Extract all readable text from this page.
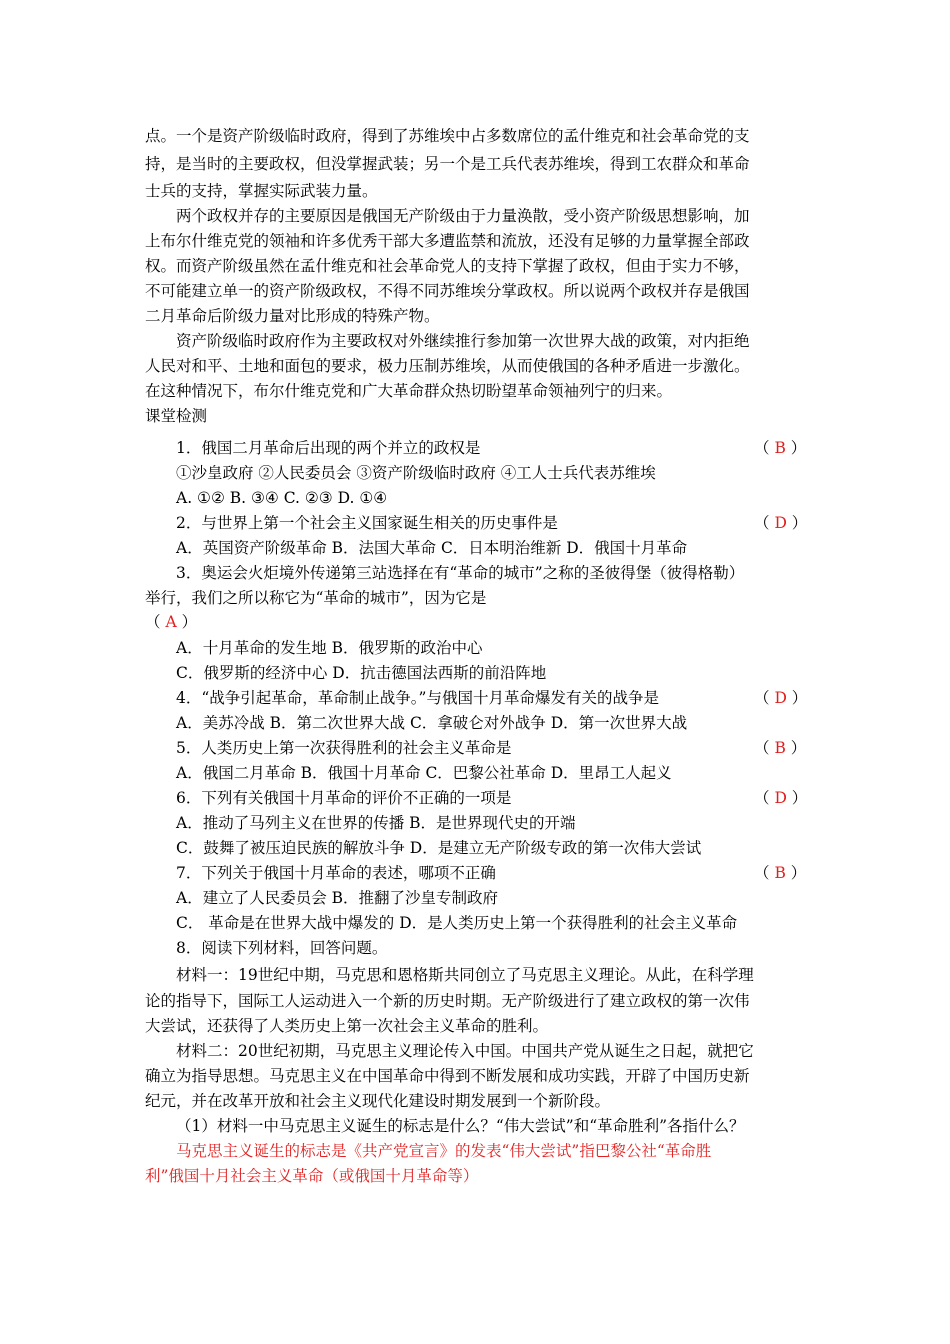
点。一个是资产阶级临时政府，得到了苏维埃中占多数席位的孟什维克和社会革命党的支
持，是当时的主要政权，但没掌握武装；另一个是工兵代表苏维埃，得到工农群众和革命
士兵的支持，掌握实际武装力量。
两个政权并存的主要原因是俄国无产阶级由于力量涣散，受小资产阶级思想影响，加
上布尔什维克党的领袖和许多优秀干部大多遭监禁和流放，还没有足够的力量掌握全部政
权。而资产阶级虽然在孟什维克和社会革命党人的支持下掌握了政权，但由于实力不够，
不可能建立单一的资产阶级政权，不得不同苏维埃分掌政权。所以说两个政权并存是俄国
二月革命后阶级力量对比形成的特殊产物。
资产阶级临时政府作为主要政权对外继续推行参加第一次世界大战的政策，对内拒绝
人民对和平、土地和面包的要求，极力压制苏维埃，从而使俄国的各种矛盾进一步激化。
在这种情况下，布尔什维克党和广大革命群众热切盼望革命领袖列宁的归来。
课堂检测
1．俄国二月革命后出现的两个并立的政权是	（ B ）
①沙皇政府 ②人民委员会 ③资产阶级临时政府 ④工人士兵代表苏维埃
A. ①② B. ③④ C. ②③ D. ①④
2．与世界上第一个社会主义国家诞生相关的历史事件是	（ D ）
A．英国资产阶级革命 B．法国大革命 C．日本明治维新 D．俄国十月革命
3．奥运会火炬境外传递第三站选择在有“革命的城市”之称的圣彼得堡（彼得格勒）
举行，我们之所以称它为“革命的城市”，因为它是
（ A ）
A．十月革命的发生地 B．俄罗斯的政治中心
C．俄罗斯的经济中心 D．抗击德国法西斯的前沿阵地
4．“战争引起革命，革命制止战争。”与俄国十月革命爆发有关的战争是	（ D ）
A．美苏冷战 B．第二次世界大战 C．拿破仑对外战争 D．第一次世界大战
5．人类历史上第一次获得胜利的社会主义革命是	（ B ）
A．俄国二月革命 B．俄国十月革命 C．巴黎公社革命 D．里昂工人起义
6．下列有关俄国十月革命的评价不正确的一项是	（ D ）
A．推动了马列主义在世界的传播 B．是世界现代史的开端
C．鼓舞了被压迫民族的解放斗争 D．是建立无产阶级专政的第一次伟大尝试
7．下列关于俄国十月革命的表述，哪项不正确	（ B ）
A．建立了人民委员会 B．推翻了沙皇专制政府
C． 革命是在世界大战中爆发的 D．是人类历史上第一个获得胜利的社会主义革命
8．阅读下列材料，回答问题。
材料一：19世纪中期，马克思和恩格斯共同创立了马克思主义理论。从此，在科学理
论的指导下，国际工人运动进入一个新的历史时期。无产阶级进行了建立政权的第一次伟
大尝试，还获得了人类历史上第一次社会主义革命的胜利。
材料二：20世纪初期，马克思主义理论传入中国。中国共产党从诞生之日起，就把它
确立为指导思想。马克思主义在中国革命中得到不断发展和成功实践，开辟了中国历史新
纪元，并在改革开放和社会主义现代化建设时期发展到一个新阶段。
（1）材料一中马克思主义诞生的标志是什么？“伟大尝试”和“革命胜利”各指什么？
马克思主义诞生的标志是《共产党宣言》的发表“伟大尝试”指巴黎公社“革命胜
利”俄国十月社会主义革命（或俄国十月革命等）
